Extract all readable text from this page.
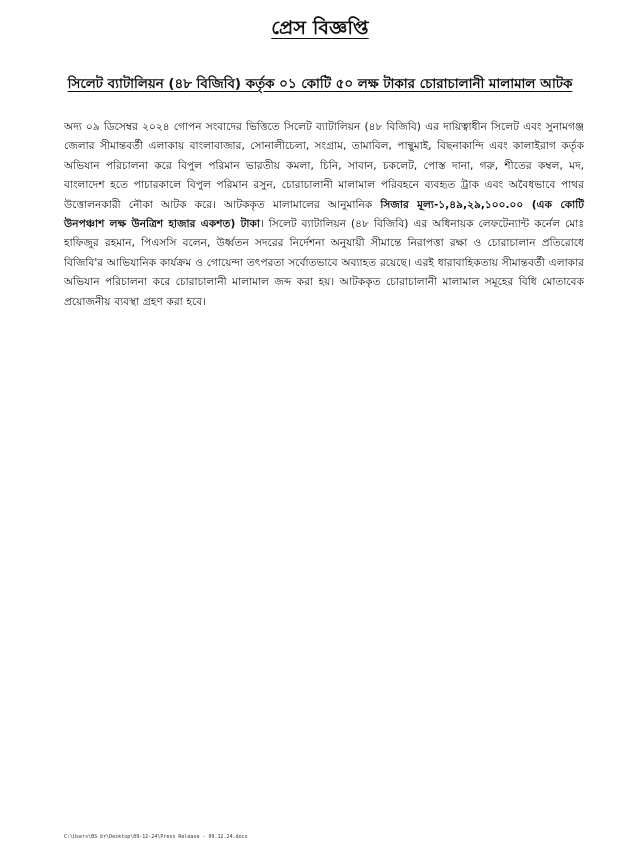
প্রেস বিজ্ঞপ্তি
সিলেট ব্যাটালিয়ন (৪৮ বিজিবি) কর্তৃক ০১ কোটি ৫০ লক্ষ টাকার চোরাচালানী মালামাল আটক
অদ্য ০৯ ডিসেম্বর ২০২৪ গোপন সংবাদের ভিত্তিতে সিলেট ব্যাটালিয়ন (৪৮ বিজিবি) এর দায়িত্বাধীন সিলেট এবং সুনামগঞ্জ জেলার সীমান্তবর্তী এলাকায় বাংলাবাজার, সোনালীচেলা, সংগ্রাম, তামাবিল, পান্থুমাই, বিছনাকান্দি এবং কালাইরাগ কর্তৃক অভিযান পরিচালনা করে বিপুল পরিমান ভারতীয় কমলা, চিনি, সাবান, চকলেট, পোস্ত দানা, গরু, শীতের কম্বল, মদ, বাংলাদেশ হতে পাচারকালে বিপুল পরিমান রসুন, চোরাচালানী মালামাল পরিবহনে ব্যবহৃত ট্রাক এবং অবৈধভাবে পাথর উত্তোলনকারী নৌকা আটক করে। আটককৃত মালামালের আনুমানিক সিজার মূল্য-১,৪৯,২৯,১০০.০০ (এক কোটি উনপঞ্চাশ লক্ষ উনত্রিশ হাজার একশত) টাকা। সিলেট ব্যাটালিয়ন (৪৮ বিজিবি) এর অধিনায়ক লেফটেন্যান্ট কর্নেল মোঃ হাফিজুর রহমান, পিএসসি বলেন, উর্ধ্বতন সদরের নির্দেশনা অনুযায়ী সীমান্তে নিরাপত্তা রক্ষা ও চোরাচালান প্রতিরোধে বিজিবি'র আভিযানিক কার্যক্রম ও গোয়েন্দা তৎপরতা সর্বোতভাবে অব্যাহত রয়েছে। এরই ধারাবাহিকতায় সীমান্তবর্তী এলাকার অভিযান পরিচালনা করে চোরাচালানী মালামাল জব্দ করা হয়। আটককৃত চোরাচালানী মালামাল সমূহের বিধি মোতাবেক প্রয়োজনীয় ব্যবস্থা গ্রহণ করা হবে।
C:\Users\BS br\Desktop\09-12-24\Press Release - 09.12.24.docx
